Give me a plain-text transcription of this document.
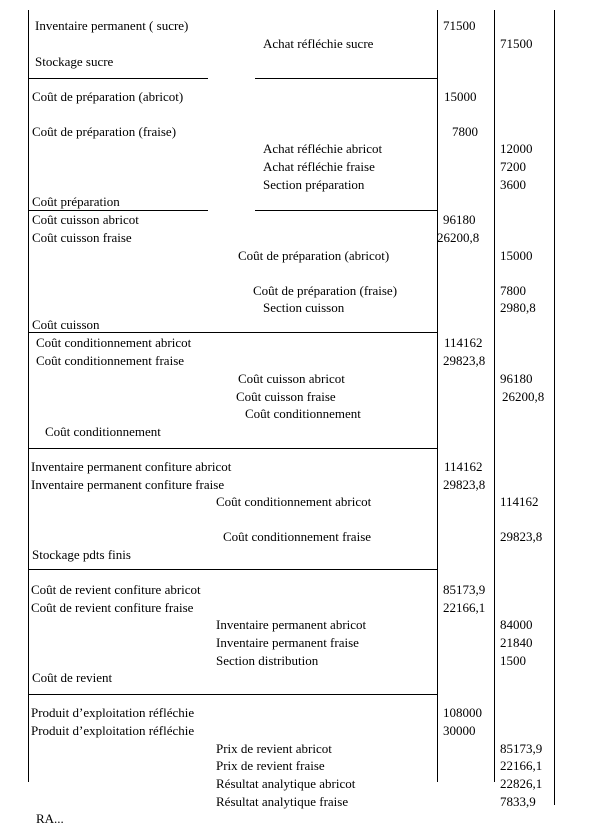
Inventaire permanent ( sucre)
Achat réfléchie sucre
Stockage sucre
71500
71500
Coût de préparation (abricot)
Coût de préparation (fraise)
Coût préparation
Achat réfléchie abricot
Achat réfléchie fraise
Section préparation
15000
7800
12000
7200
3600
Coût cuisson abricot
Coût cuisson fraise
Coût cuisson
Coût de préparation (abricot)
Coût de préparation (fraise)
Section cuisson
96180
26200,8
15000
7800
2980,8
Coût conditionnement abricot
Coût conditionnement fraise
Coût conditionnement
Coût cuisson abricot
Coût cuisson fraise
Coût conditionnement
114162
29823,8
96180
26200,8
Inventaire permanent confiture abricot
Inventaire permanent confiture fraise
Stockage pdts finis
Coût conditionnement abricot
Coût conditionnement fraise
114162
29823,8
114162
29823,8
Coût de revient confiture abricot
Coût de revient confiture fraise
Coût de revient
Inventaire permanent abricot
Inventaire permanent fraise
Section distribution
85173,9
22166,1
84000
21840
1500
Produit d’exploitation réfléchie
Produit d’exploitation réfléchie
Prix de revient abricot
Prix de revient fraise
Résultat analytique abricot
Résultat analytique fraise
108000
30000
85173,9
22166,1
22826,1
7833,9
RA...
